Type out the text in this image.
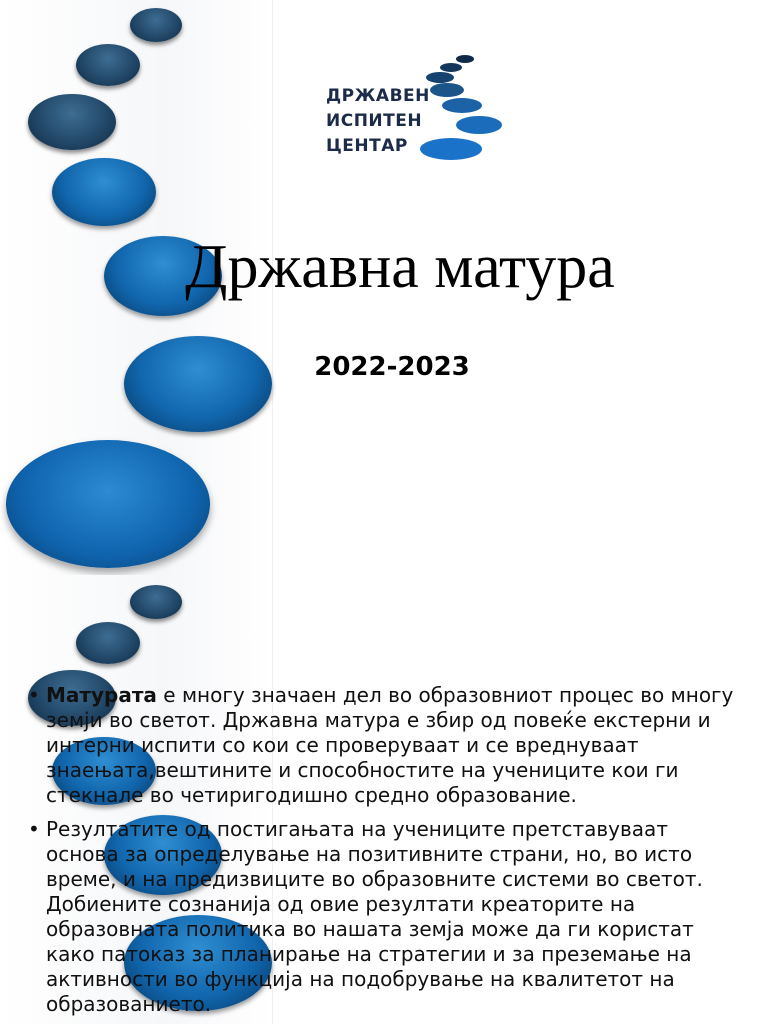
ДРЖАВЕН
ИСПИТЕН
ЦЕНТАР
Државна матура
2022-2023

• Матурата е многу значаен дел во образовниот процес во многу земји во светот. Државна матура е збир од повеќе екстерни и интерни испити со кои се проверуваат и се вреднуваат знаењата,вештините и способностите на учениците кои ги стекнале во четиригодишно средно образование.

• Резултатите од постигањата на учениците претставуваат основа за определување на позитивните страни, но, во исто време, и на предизвиците во образовните системи во светот. Добиените сознанија од овие резултати креаторите на образовната политика во нашата земја може да ги користат како патоказ за планирање на стратегии и за преземање на активности во функција на подобрување на квалитетот на образованието.
